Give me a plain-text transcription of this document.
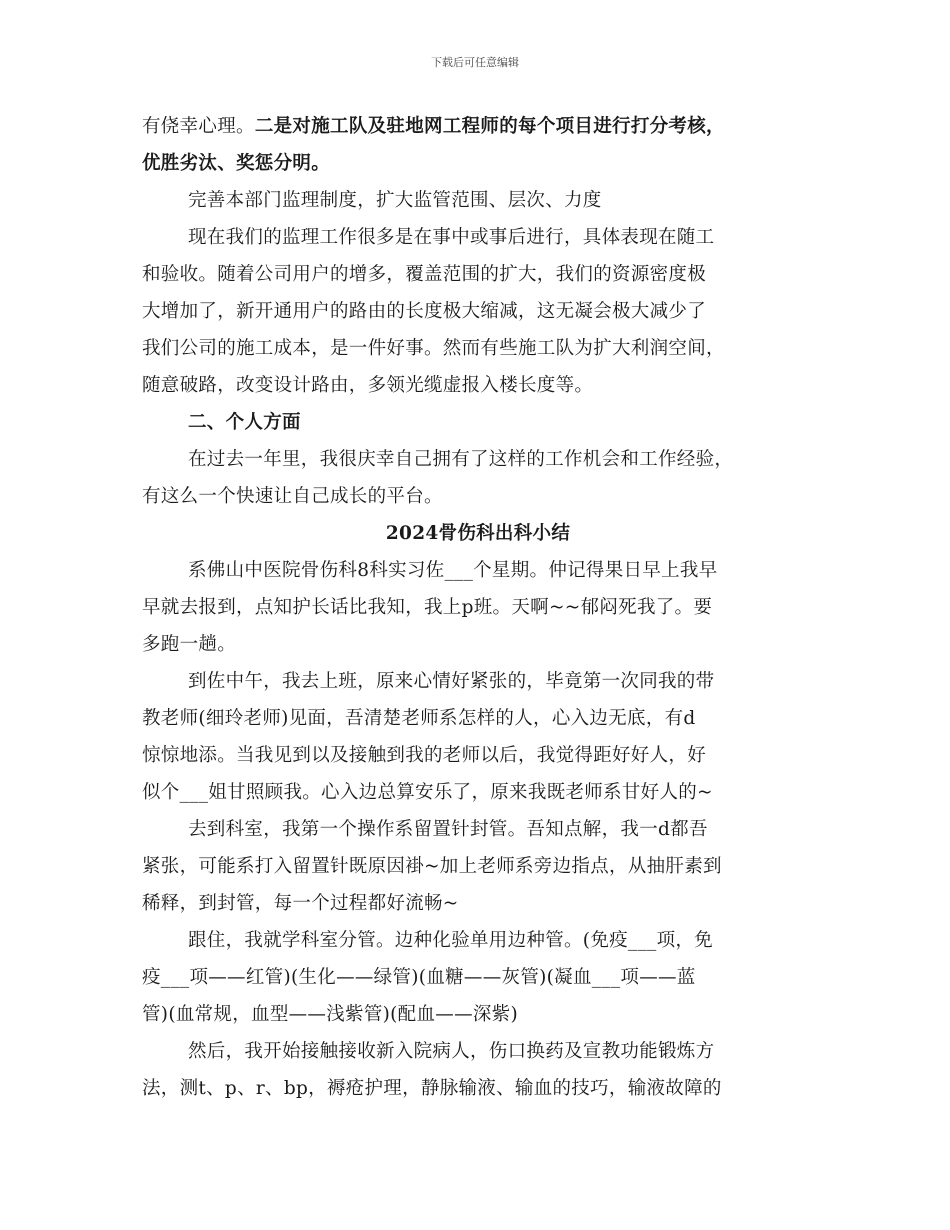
下载后可任意编辑
有侥幸心理。二是对施工队及驻地网工程师的每个项目进行打分考核，
优胜劣汰、奖惩分明。
完善本部门监理制度，扩大监管范围、层次、力度
现在我们的监理工作很多是在事中或事后进行，具体表现在随工
和验收。随着公司用户的增多，覆盖范围的扩大，我们的资源密度极
大增加了，新开通用户的路由的长度极大缩减，这无凝会极大减少了
我们公司的施工成本，是一件好事。然而有些施工队为扩大利润空间，
随意破路，改变设计路由，多领光缆虚报入楼长度等。
二、个人方面
在过去一年里，我很庆幸自己拥有了这样的工作机会和工作经验，
有这么一个快速让自己成长的平台。
2024骨伤科出科小结
系佛山中医院骨伤科8科实习佐___个星期。仲记得果日早上我早
早就去报到，点知护长话比我知，我上p班。天啊~~郁闷死我了。要
多跑一趟。
到佐中午，我去上班，原来心情好紧张的，毕竟第一次同我的带
教老师(细玲老师)见面，吾清楚老师系怎样的人，心入边无底，有d
惊惊地添。当我见到以及接触到我的老师以后，我觉得距好好人，好
似个___姐甘照顾我。心入边总算安乐了，原来我既老师系甘好人的~
去到科室，我第一个操作系留置针封管。吾知点解，我一d都吾
紧张，可能系打入留置针既原因褂~加上老师系旁边指点，从抽肝素到
稀释，到封管，每一个过程都好流畅~
跟住，我就学科室分管。边种化验单用边种管。(免疫___项，免
疫___项——红管)(生化——绿管)(血糖——灰管)(凝血___项——蓝
管)(血常规，血型——浅紫管)(配血——深紫)
然后，我开始接触接收新入院病人，伤口换药及宣教功能锻炼方
法，测t、p、r、bp，褥疮护理，静脉输液、输血的技巧，输液故障的
